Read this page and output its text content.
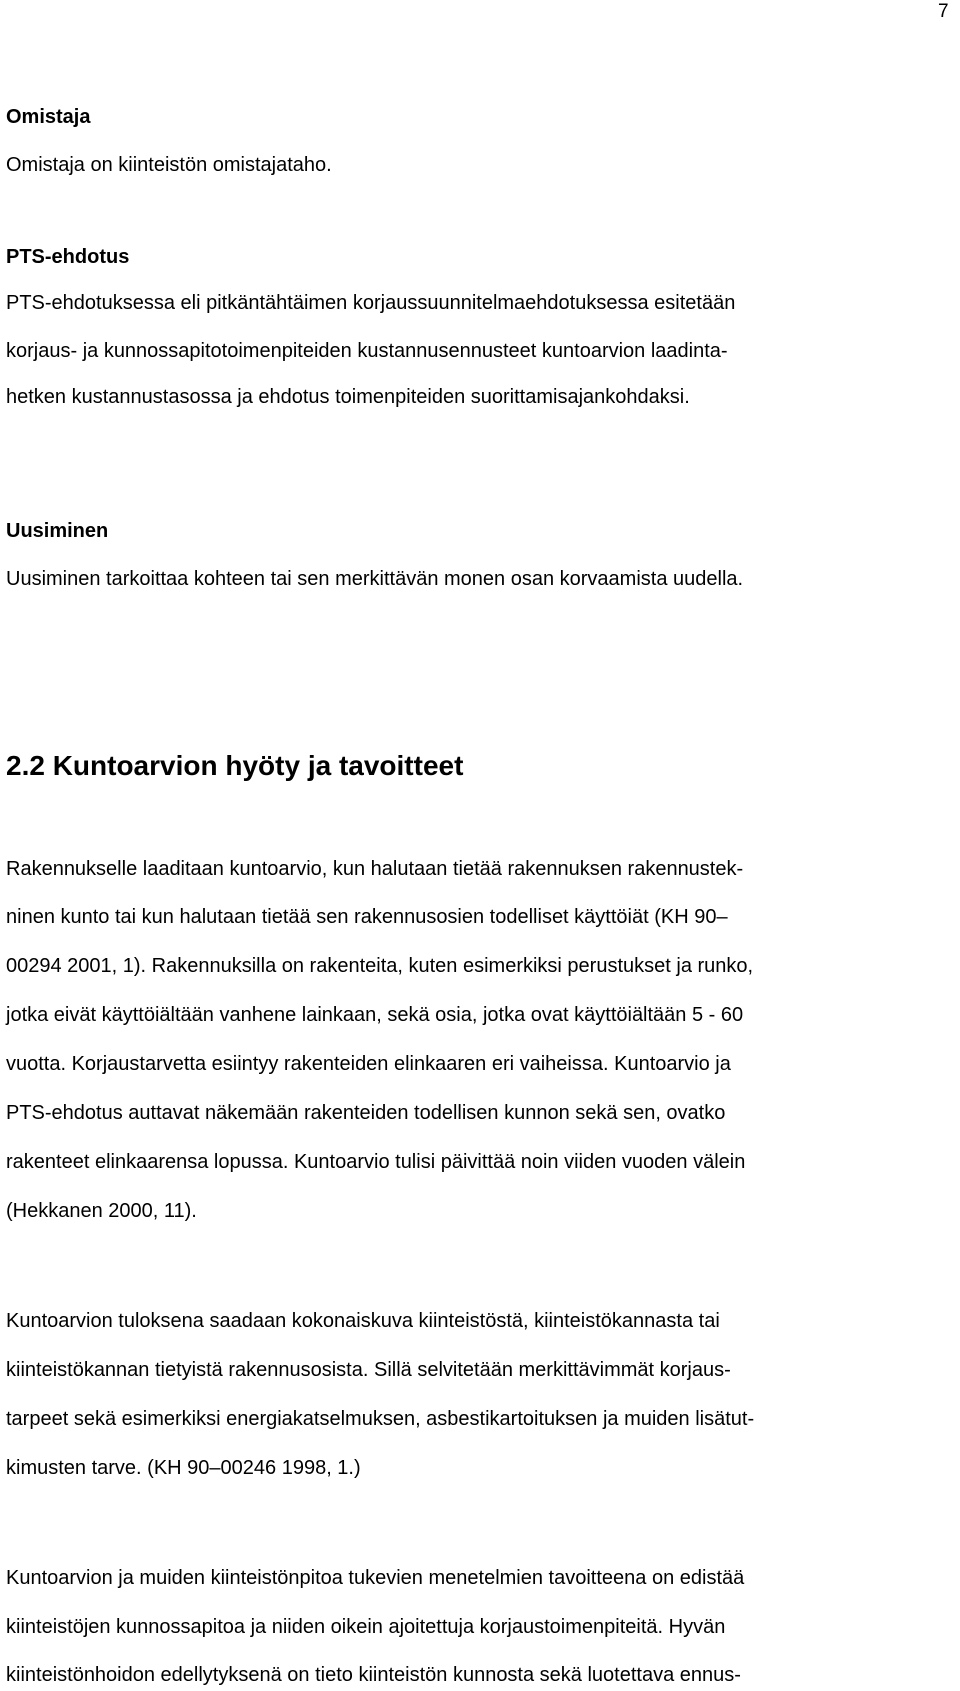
7
Omistaja
Omistaja on kiinteistön omistajataho.
PTS-ehdotus
PTS-ehdotuksessa eli pitkäntähtäimen korjaussuunnitelmaehdotuksessa esitetään
korjaus- ja kunnossapitotoimenpiteiden kustannusennusteet kuntoarvion laadinta-
hetken kustannustasossa ja ehdotus toimenpiteiden suorittamisajankohdaksi.
Uusiminen
Uusiminen tarkoittaa kohteen tai sen merkittävän monen osan korvaamista uudella.
2.2 Kuntoarvion hyöty ja tavoitteet
Rakennukselle laaditaan kuntoarvio, kun halutaan tietää rakennuksen rakennustek-
ninen kunto tai kun halutaan tietää sen rakennusosien todelliset käyttöiät (KH 90–
00294 2001, 1). Rakennuksilla on rakenteita, kuten esimerkiksi perustukset ja runko,
jotka eivät käyttöiältään vanhene lainkaan, sekä osia, jotka ovat käyttöiältään 5 - 60
vuotta. Korjaustarvetta esiintyy rakenteiden elinkaaren eri vaiheissa. Kuntoarvio ja
PTS-ehdotus auttavat näkemään rakenteiden todellisen kunnon sekä sen, ovatko
rakenteet elinkaarensa lopussa. Kuntoarvio tulisi päivittää noin viiden vuoden välein
(Hekkanen 2000, 11).
Kuntoarvion tuloksena saadaan kokonaiskuva kiinteistöstä, kiinteistökannasta tai
kiinteistökannan tietyistä rakennusosista. Sillä selvitetään merkittävimmät korjaus-
tarpeet sekä esimerkiksi energiakatselmuksen, asbestikartoituksen ja muiden lisätut-
kimusten tarve. (KH 90–00246 1998, 1.)
Kuntoarvion ja muiden kiinteistönpitoa tukevien menetelmien tavoitteena on edistää
kiinteistöjen kunnossapitoa ja niiden oikein ajoitettuja korjaustoimenpiteitä. Hyvän
kiinteistönhoidon edellytyksenä on tieto kiinteistön kunnosta sekä luotettava ennus-
